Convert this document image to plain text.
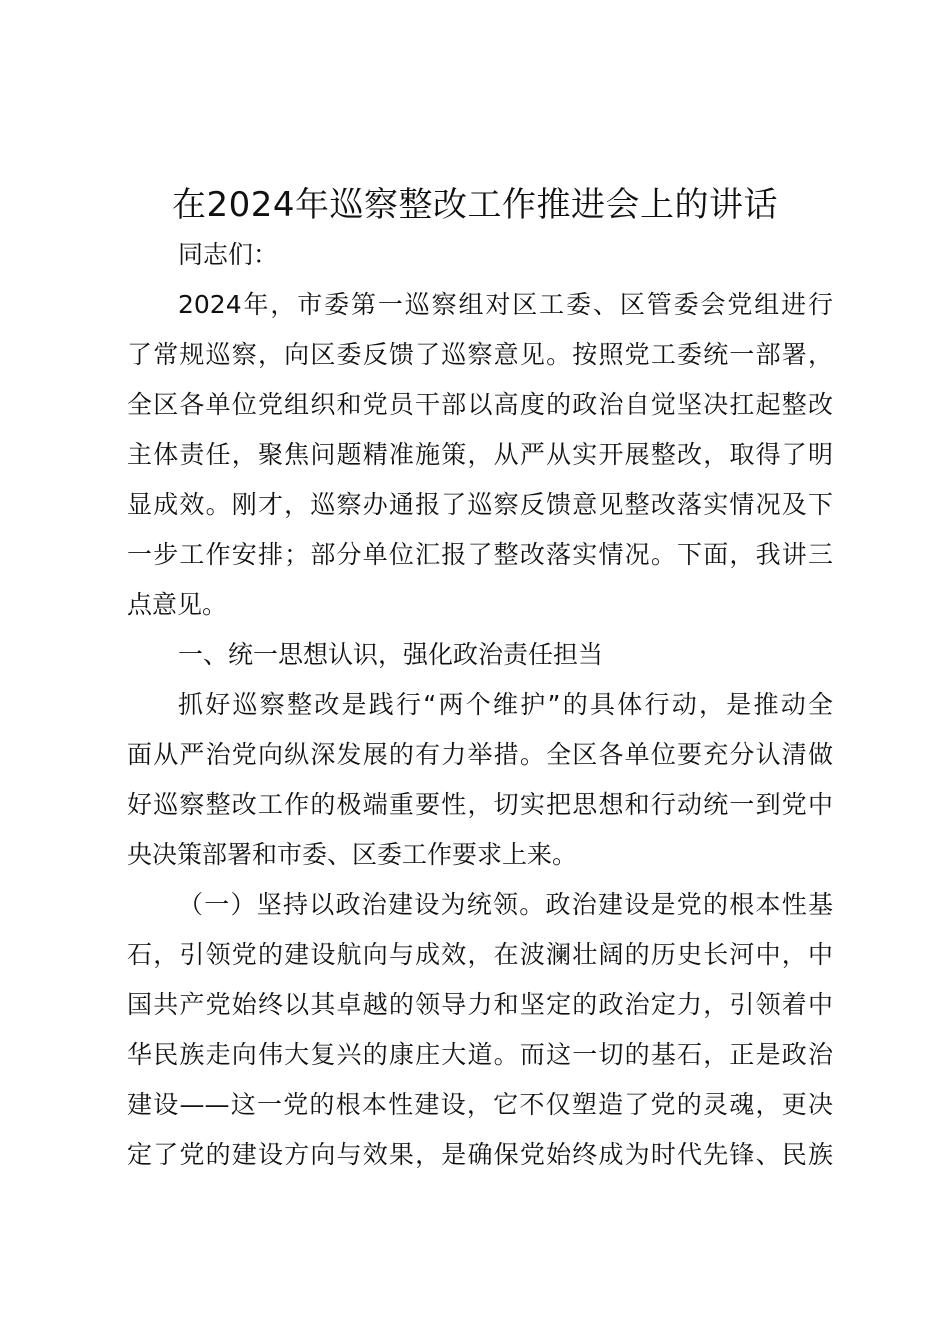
在2024年巡察整改工作推进会上的讲话
同志们：
2024年，市委第一巡察组对区工委、区管委会党组进行
了常规巡察，向区委反馈了巡察意见。按照党工委统一部署，
全区各单位党组织和党员干部以高度的政治自觉坚决扛起整改
主体责任，聚焦问题精准施策，从严从实开展整改，取得了明
显成效。刚才，巡察办通报了巡察反馈意见整改落实情况及下
一步工作安排；部分单位汇报了整改落实情况。下面，我讲三
点意见。
一、统一思想认识，强化政治责任担当
抓好巡察整改是践行“两个维护”的具体行动，是推动全
面从严治党向纵深发展的有力举措。全区各单位要充分认清做
好巡察整改工作的极端重要性，切实把思想和行动统一到党中
央决策部署和市委、区委工作要求上来。
（一）坚持以政治建设为统领。政治建设是党的根本性基
石，引领党的建设航向与成效，在波澜壮阔的历史长河中，中
国共产党始终以其卓越的领导力和坚定的政治定力，引领着中
华民族走向伟大复兴的康庄大道。而这一切的基石，正是政治
建设——这一党的根本性建设，它不仅塑造了党的灵魂，更决
定了党的建设方向与效果，是确保党始终成为时代先锋、民族
